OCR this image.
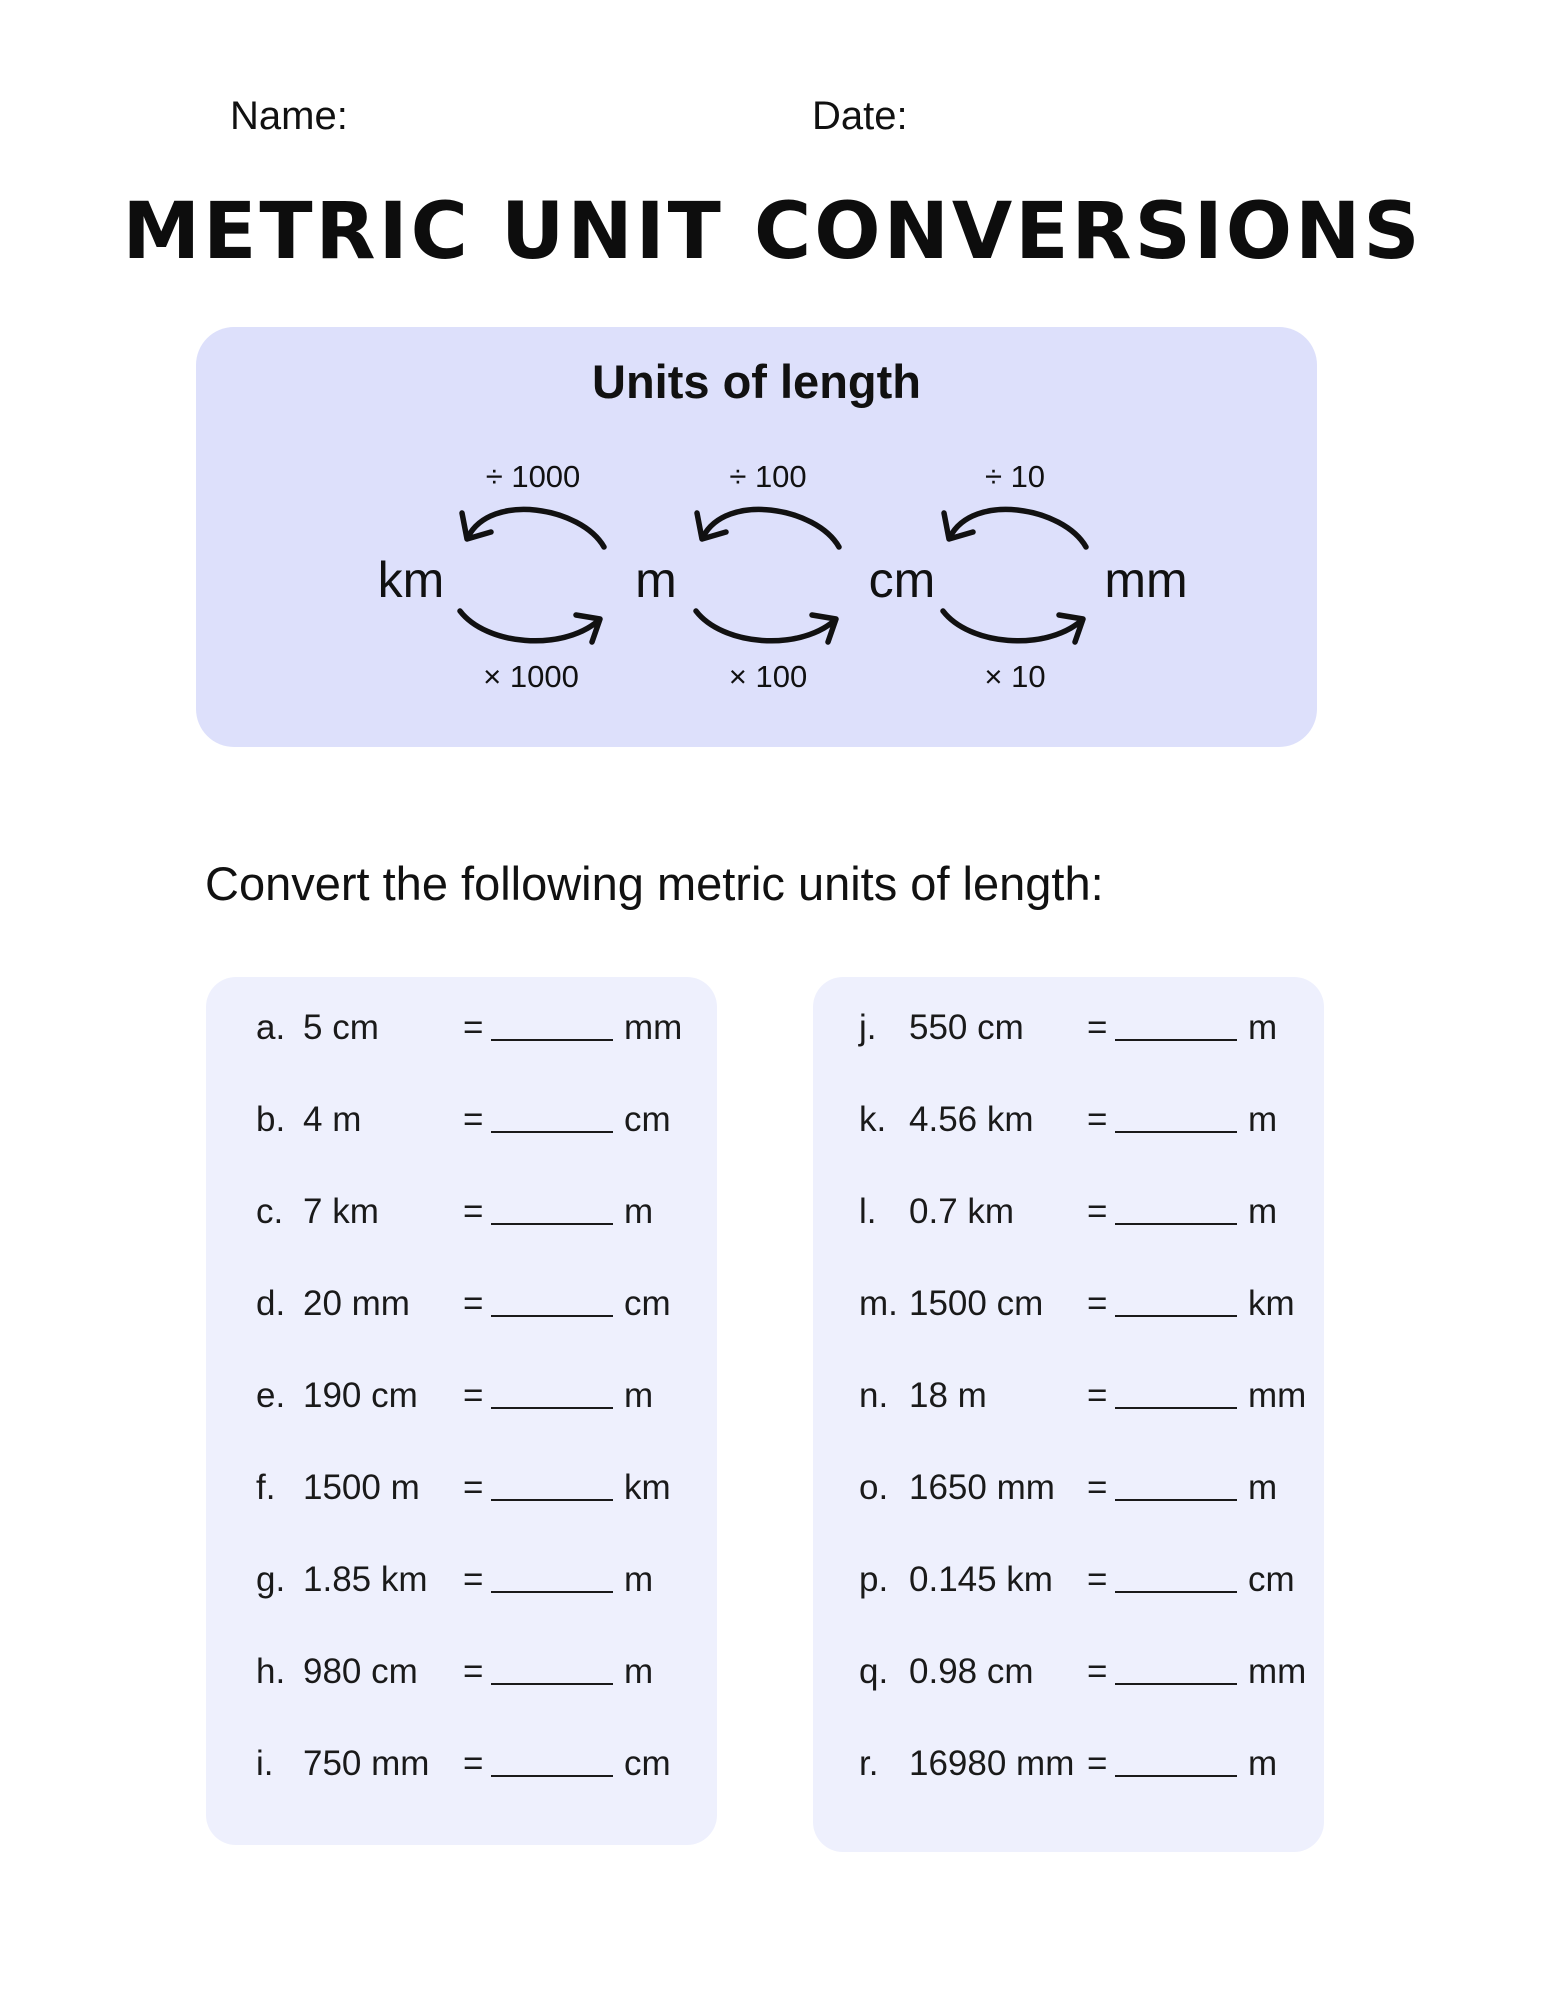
Name:	Date:
METRIC UNIT CONVERSIONS
Units of length
km	m	cm	mm
÷ 1000	÷ 100	÷ 10
× 1000	× 100	× 10
Convert the following metric units of length:
a. 5 cm =	mm
b. 4 m	=	cm
c. 7 km =	m
d. 20 mm =	cm
e. 190 cm =	m
f. 1500 m =	km
g. 1.85 km =	m
h. 980 cm =	m
i. 750 mm =	cm
j. 550 cm =	m
k. 4.56 km =	m
l. 0.7 km =	m
m. 1500 cm =	km
n. 18 m	=	mm
o. 1650 mm =	m
p. 0.145 km =	cm
q. 0.98 cm =	mm
r. 16980 mm =	m
